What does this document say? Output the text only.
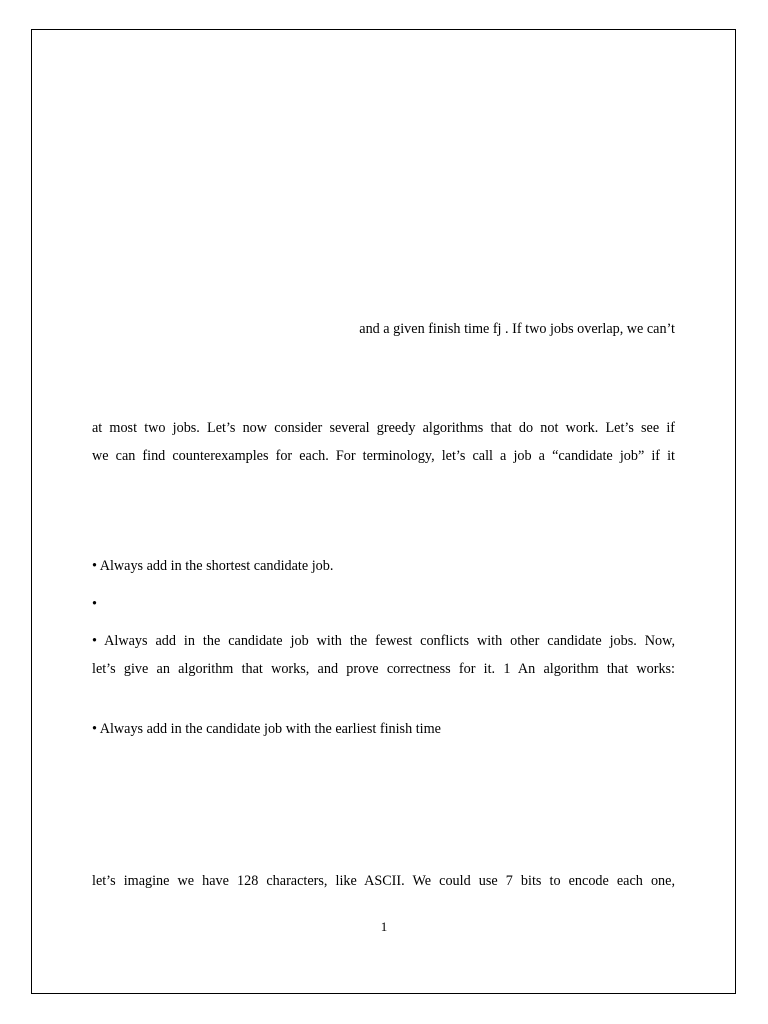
and a given finish time fj . If two jobs overlap, we can’t
at most two jobs. Let’s now consider several greedy algorithms that do not work. Let’s see if
we can find counterexamples for each. For terminology, let’s call a job a “candidate job” if it
• Always add in the shortest candidate job.
•
• Always add in the candidate job with the fewest conflicts with other candidate jobs. Now,
let’s give an algorithm that works, and prove correctness for it. 1 An algorithm that works:
• Always add in the candidate job with the earliest finish time
let’s imagine we have 128 characters, like ASCII. We could use 7 bits to encode each one,
1
